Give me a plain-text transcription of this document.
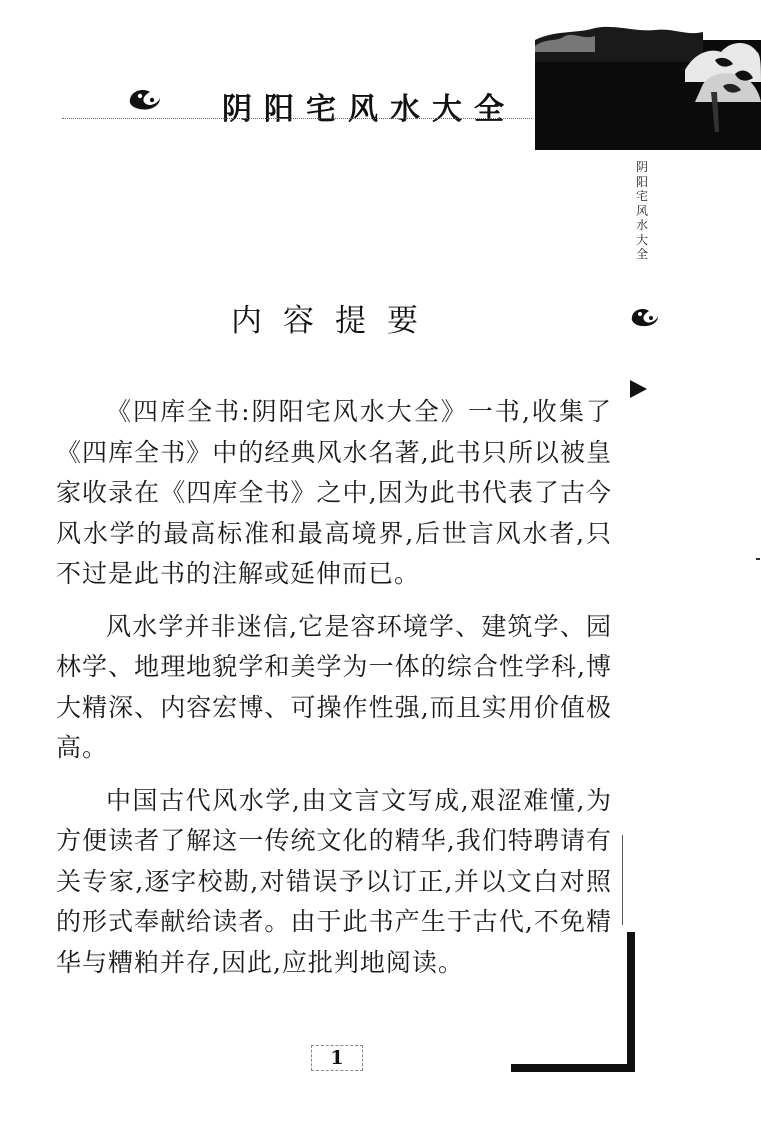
阴阳宅风水大全
阴阳宅风水大全
内容提要

《四库全书:阴阳宅风水大全》一书,收集了《四库全书》中的经典风水名著,此书只所以被皇家收录在《四库全书》之中,因为此书代表了古今风水学的最高标准和最高境界,后世言风水者,只不过是此书的注解或延伸而已。

风水学并非迷信,它是容环境学、建筑学、园林学、地理地貌学和美学为一体的综合性学科,博大精深、内容宏博、可操作性强,而且实用价值极高。

中国古代风水学,由文言文写成,艰涩难懂,为方便读者了解这一传统文化的精华,我们特聘请有关专家,逐字校勘,对错误予以订正,并以文白对照的形式奉献给读者。由于此书产生于古代,不免精华与糟粕并存,因此,应批判地阅读。

1
